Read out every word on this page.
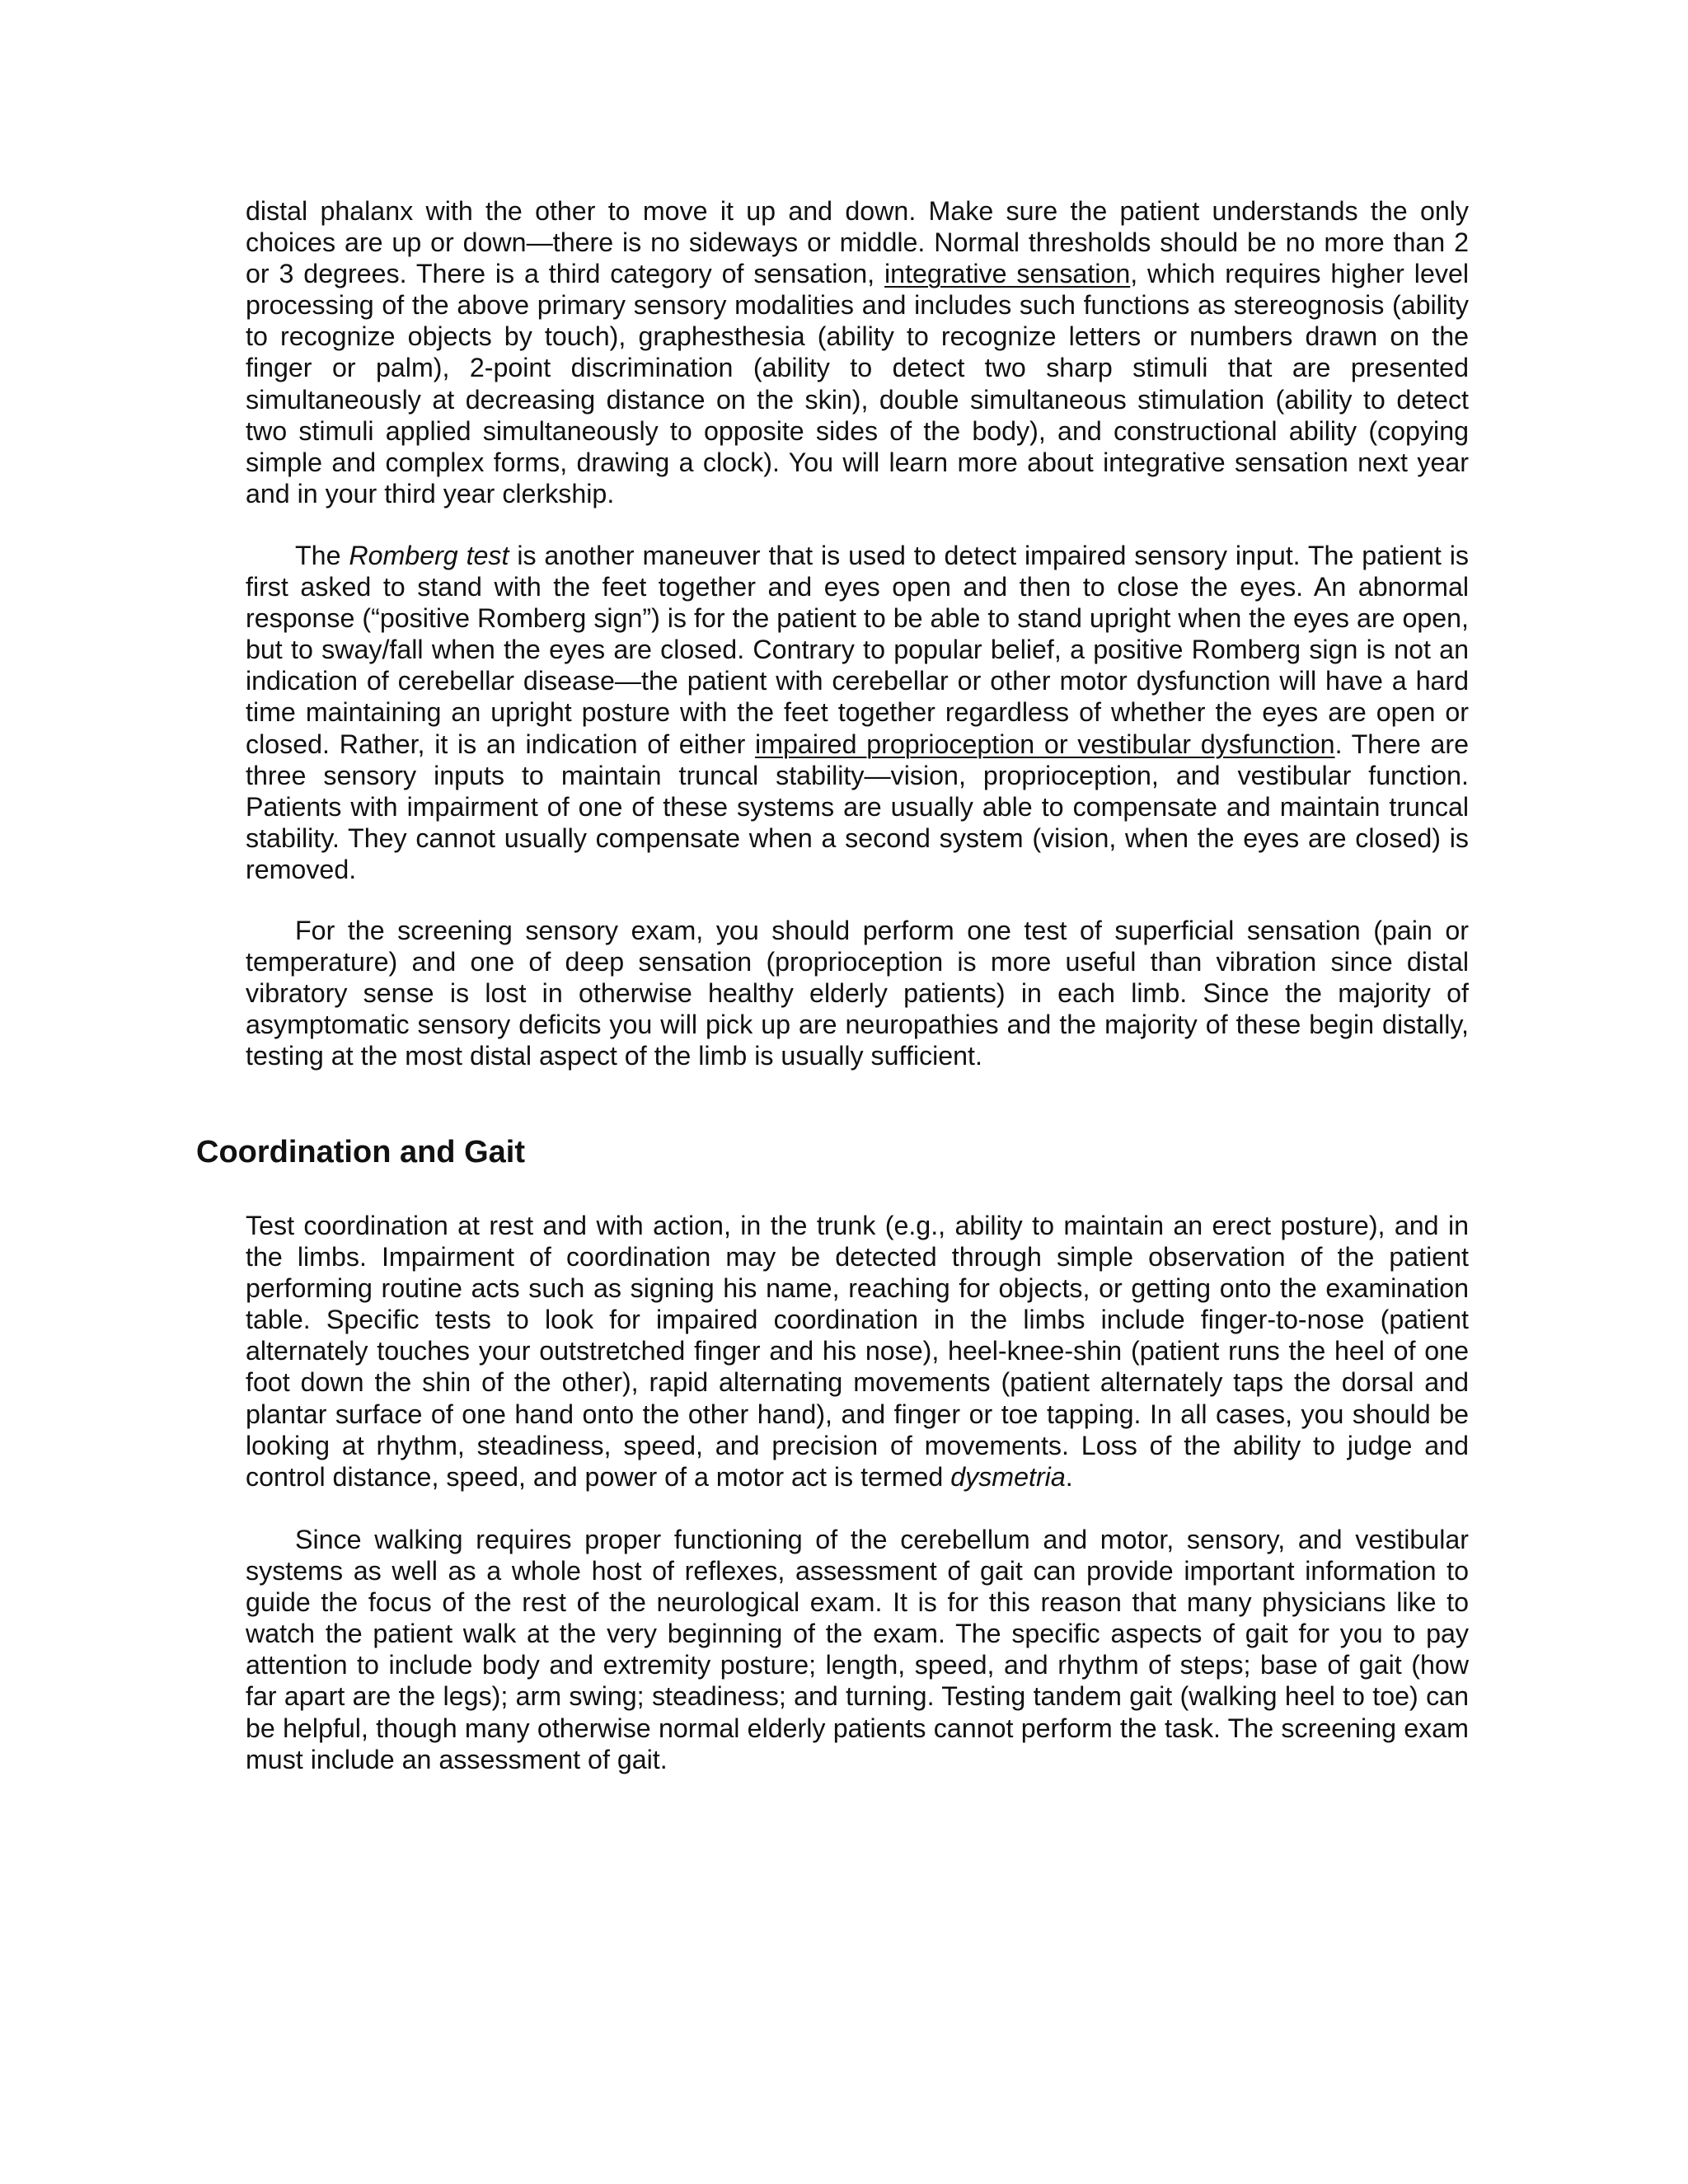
distal phalanx with the other to move it up and down. Make sure the patient understands the only choices are up or down—there is no sideways or middle. Normal thresholds should be no more than 2 or 3 degrees. There is a third category of sensation, integrative sensation, which requires higher level processing of the above primary sensory modalities and includes such functions as stereognosis (ability to recognize objects by touch), graphesthesia (ability to recognize letters or numbers drawn on the finger or palm), 2-point discrimination (ability to detect two sharp stimuli that are presented simultaneously at decreasing distance on the skin), double simultaneous stimulation (ability to detect two stimuli applied simultaneously to opposite sides of the body), and constructional ability (copying simple and complex forms, drawing a clock). You will learn more about integrative sensation next year and in your third year clerkship.

The Romberg test is another maneuver that is used to detect impaired sensory input. The patient is first asked to stand with the feet together and eyes open and then to close the eyes. An abnormal response (“positive Romberg sign”) is for the patient to be able to stand upright when the eyes are open, but to sway/fall when the eyes are closed. Contrary to popular belief, a positive Romberg sign is not an indication of cerebellar disease—the patient with cerebellar or other motor dysfunction will have a hard time maintaining an upright posture with the feet together regardless of whether the eyes are open or closed. Rather, it is an indication of either impaired proprioception or vestibular dysfunction. There are three sensory inputs to maintain truncal stability—vision, proprioception, and vestibular function. Patients with impairment of one of these systems are usually able to compensate and maintain truncal stability. They cannot usually compensate when a second system (vision, when the eyes are closed) is removed.

For the screening sensory exam, you should perform one test of superficial sensation (pain or temperature) and one of deep sensation (proprioception is more useful than vibration since distal vibratory sense is lost in otherwise healthy elderly patients) in each limb. Since the majority of asymptomatic sensory deficits you will pick up are neuropathies and the majority of these begin distally, testing at the most distal aspect of the limb is usually sufficient.

Coordination and Gait

Test coordination at rest and with action, in the trunk (e.g., ability to maintain an erect posture), and in the limbs. Impairment of coordination may be detected through simple observation of the patient performing routine acts such as signing his name, reaching for objects, or getting onto the examination table. Specific tests to look for impaired coordination in the limbs include finger-to-nose (patient alternately touches your outstretched finger and his nose), heel-knee-shin (patient runs the heel of one foot down the shin of the other), rapid alternating movements (patient alternately taps the dorsal and plantar surface of one hand onto the other hand), and finger or toe tapping. In all cases, you should be looking at rhythm, steadiness, speed, and precision of movements. Loss of the ability to judge and control distance, speed, and power of a motor act is termed dysmetria.

Since walking requires proper functioning of the cerebellum and motor, sensory, and vestibular systems as well as a whole host of reflexes, assessment of gait can provide important information to guide the focus of the rest of the neurological exam. It is for this reason that many physicians like to watch the patient walk at the very beginning of the exam. The specific aspects of gait for you to pay attention to include body and extremity posture; length, speed, and rhythm of steps; base of gait (how far apart are the legs); arm swing; steadiness; and turning. Testing tandem gait (walking heel to toe) can be helpful, though many otherwise normal elderly patients cannot perform the task. The screening exam must include an assessment of gait.
